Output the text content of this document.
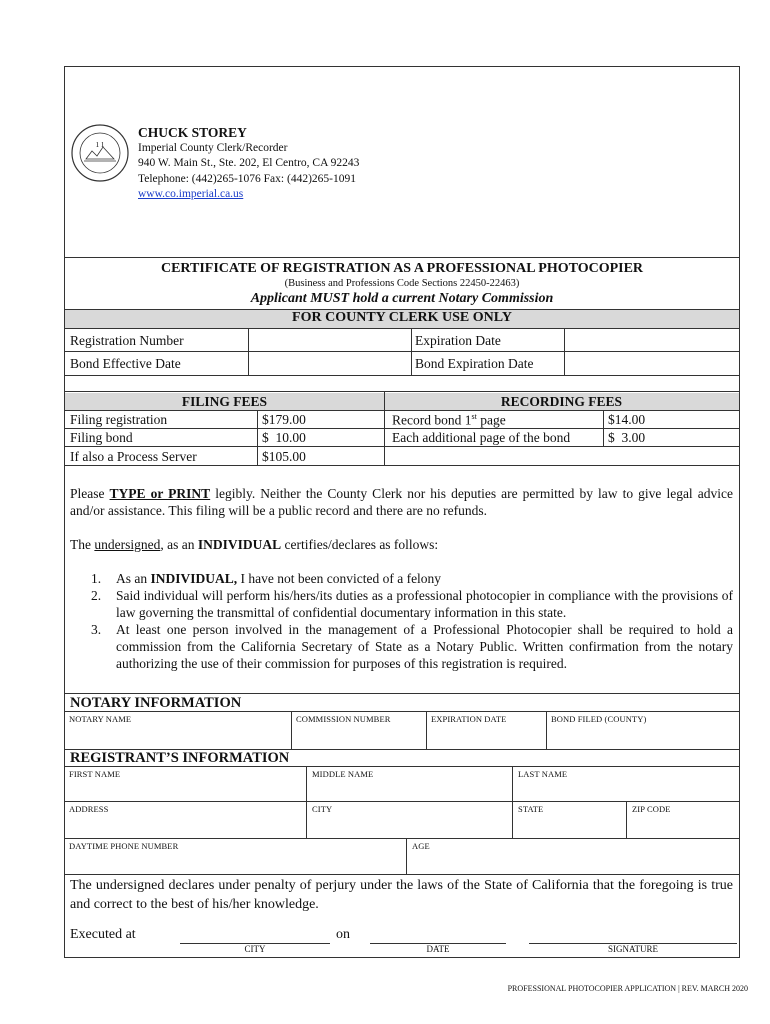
1 1
CHUCK STOREY
Imperial County Clerk/Recorder
940 W. Main St., Ste. 202, El Centro, CA 92243
Telephone: (442)265-1076 Fax: (442)265-1091
www.co.imperial.ca.us
CERTIFICATE OF REGISTRATION AS A PROFESSIONAL PHOTOCOPIER
(Business and Professions Code Sections 22450-22463)
Applicant MUST hold a current Notary Commission
FOR COUNTY CLERK USE ONLY
Registration Number	Expiration Date
Bond Effective Date	Bond Expiration Date
FILING FEES	RECORDING FEES
Filing registration	$179.00
Filing bond	$  10.00
If also a Process Server	$105.00
Record bond 1st page	$14.00
Each additional page of the bond	$  3.00
Please TYPE or PRINT legibly. Neither the County Clerk nor his deputies are permitted by law to give legal advice and/or assistance. This filing will be a public record and there are no refunds.
The undersigned, as an INDIVIDUAL certifies/declares as follows:
1. As an INDIVIDUAL, I have not been convicted of a felony
2. Said individual will perform his/hers/its duties as a professional photocopier in compliance with the provisions of law governing the transmittal of confidential documentary information in this state.
3. At least one person involved in the management of a Professional Photocopier shall be required to hold a commission from the California Secretary of State as a Notary Public. Written confirmation from the notary authorizing the use of their commission for purposes of this registration is required.
NOTARY INFORMATION
NOTARY NAME	COMMISSION NUMBER	EXPIRATION DATE	BOND FILED (COUNTY)
REGISTRANT’S INFORMATION
FIRST NAME	MIDDLE NAME	LAST NAME
ADDRESS	CITY	STATE	ZIP CODE
DAYTIME PHONE NUMBER	AGE
The undersigned declares under penalty of perjury under the laws of the State of California that the foregoing is true and correct to the best of his/her knowledge.
Executed at
CITY
on
DATE	SIGNATURE
PROFESSIONAL PHOTOCOPIER APPLICATION | REV. MARCH 2020
